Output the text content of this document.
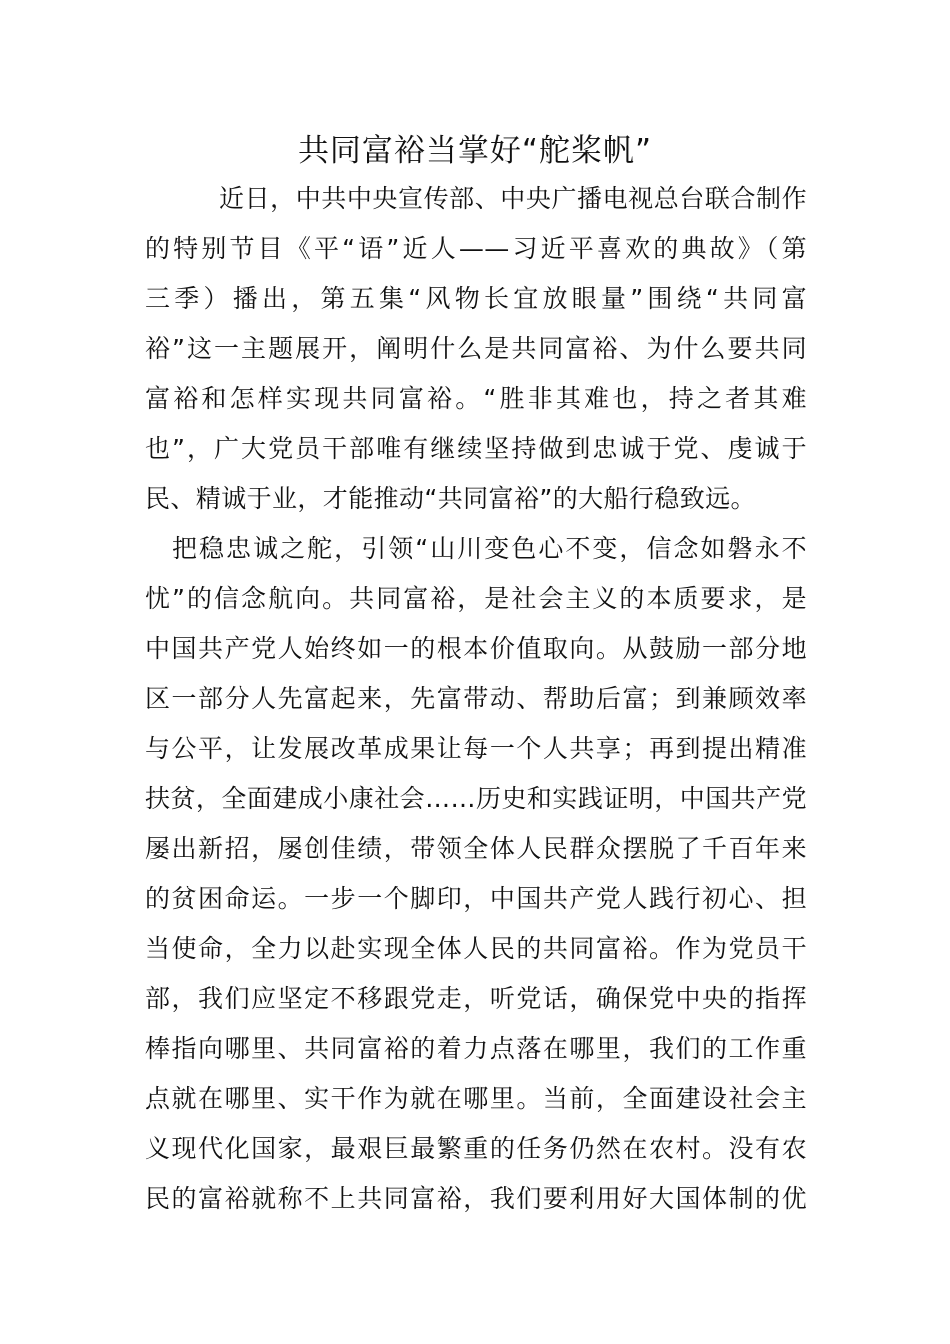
共同富裕当掌好“舵桨帆”
近日，中共中央宣传部、中央广播电视总台联合制作
的特别节目《平“语”近人——习近平喜欢的典故》（第
三季）播出，第五集“风物长宜放眼量”围绕“共同富
裕”这一主题展开，阐明什么是共同富裕、为什么要共同
富裕和怎样实现共同富裕。“胜非其难也，持之者其难
也”，广大党员干部唯有继续坚持做到忠诚于党、虔诚于
民、精诚于业，才能推动“共同富裕”的大船行稳致远。
把稳忠诚之舵，引领“山川变色心不变，信念如磐永不
忧”的信念航向。共同富裕，是社会主义的本质要求，是
中国共产党人始终如一的根本价值取向。从鼓励一部分地
区一部分人先富起来，先富带动、帮助后富；到兼顾效率
与公平，让发展改革成果让每一个人共享；再到提出精准
扶贫，全面建成小康社会……历史和实践证明，中国共产党
屡出新招，屡创佳绩，带领全体人民群众摆脱了千百年来
的贫困命运。一步一个脚印，中国共产党人践行初心、担
当使命，全力以赴实现全体人民的共同富裕。作为党员干
部，我们应坚定不移跟党走，听党话，确保党中央的指挥
棒指向哪里、共同富裕的着力点落在哪里，我们的工作重
点就在哪里、实干作为就在哪里。当前，全面建设社会主
义现代化国家，最艰巨最繁重的任务仍然在农村。没有农
民的富裕就称不上共同富裕，我们要利用好大国体制的优
